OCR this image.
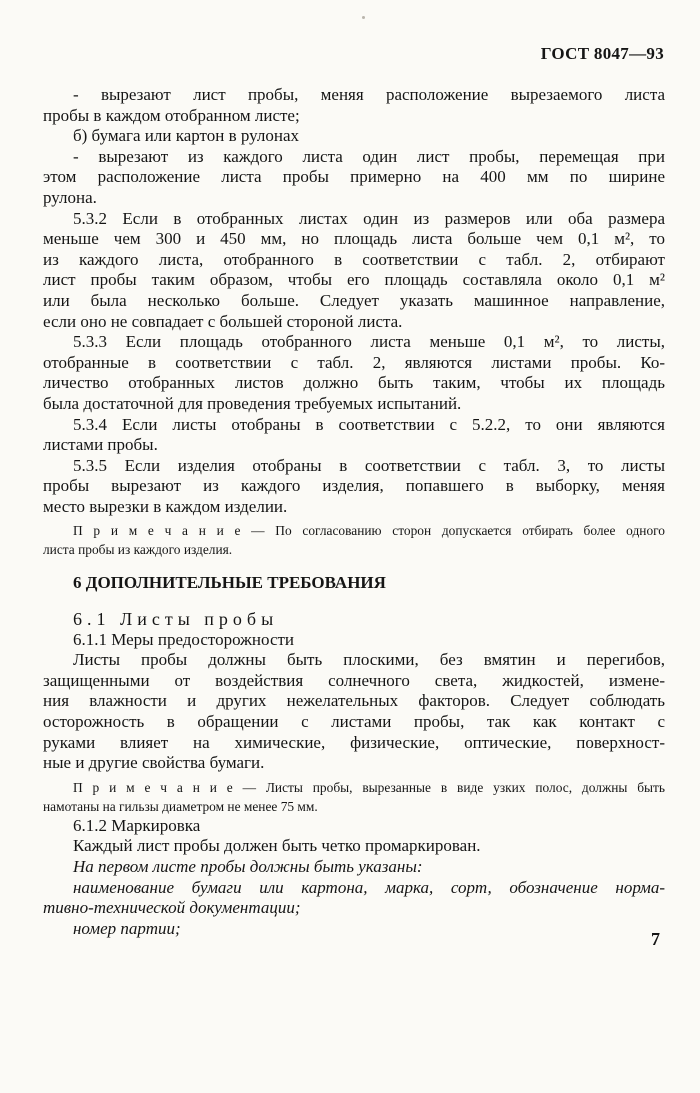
ГОСТ 8047—93
- вырезают лист пробы, меняя расположение вырезаемого листа
пробы в каждом отобранном листе;
б) бумага или картон в рулонах
- вырезают из каждого листа один лист пробы, перемещая при
этом расположение листа пробы примерно на 400 мм по ширине
рулона.
5.3.2 Если в отобранных листах один из размеров или оба размера
меньше чем 300 и 450 мм, но площадь листа больше чем 0,1 м², то
из каждого листа, отобранного в соответствии с табл. 2, отбирают
лист пробы таким образом, чтобы его площадь составляла около 0,1 м²
или была несколько больше. Следует указать машинное направление,
если оно не совпадает с большей стороной листа.
5.3.3 Если площадь отобранного листа меньше 0,1 м², то листы,
отобранные в соответствии с табл. 2, являются листами пробы. Ко-
личество отобранных листов должно быть таким, чтобы их площадь
была достаточной для проведения требуемых испытаний.
5.3.4 Если листы отобраны в соответствии с 5.2.2, то они являются
листами пробы.
5.3.5 Если изделия отобраны в соответствии с табл. 3, то листы
пробы вырезают из каждого изделия, попавшего в выборку, меняя
место вырезки в каждом изделии.
П р и м е ч а н и е — По согласованию сторон допускается отбирать более одного
листа пробы из каждого изделия.
6 ДОПОЛНИТЕЛЬНЫЕ ТРЕБОВАНИЯ
6.1 Листы пробы
6.1.1 Меры предосторожности
Листы пробы должны быть плоскими, без вмятин и перегибов,
защищенными от воздействия солнечного света, жидкостей, измене-
ния влажности и других нежелательных факторов. Следует соблюдать
осторожность в обращении с листами пробы, так как контакт с
руками влияет на химические, физические, оптические, поверхност-
ные и другие свойства бумаги.
П р и м е ч а н и е — Листы пробы, вырезанные в виде узких полос, должны быть
намотаны на гильзы диаметром не менее 75 мм.
6.1.2 Маркировка
Каждый лист пробы должен быть четко промаркирован.
На первом листе пробы должны быть указаны:
наименование бумаги или картона, марка, сорт, обозначение норма-
тивно-технической документации;
номер партии;
7
